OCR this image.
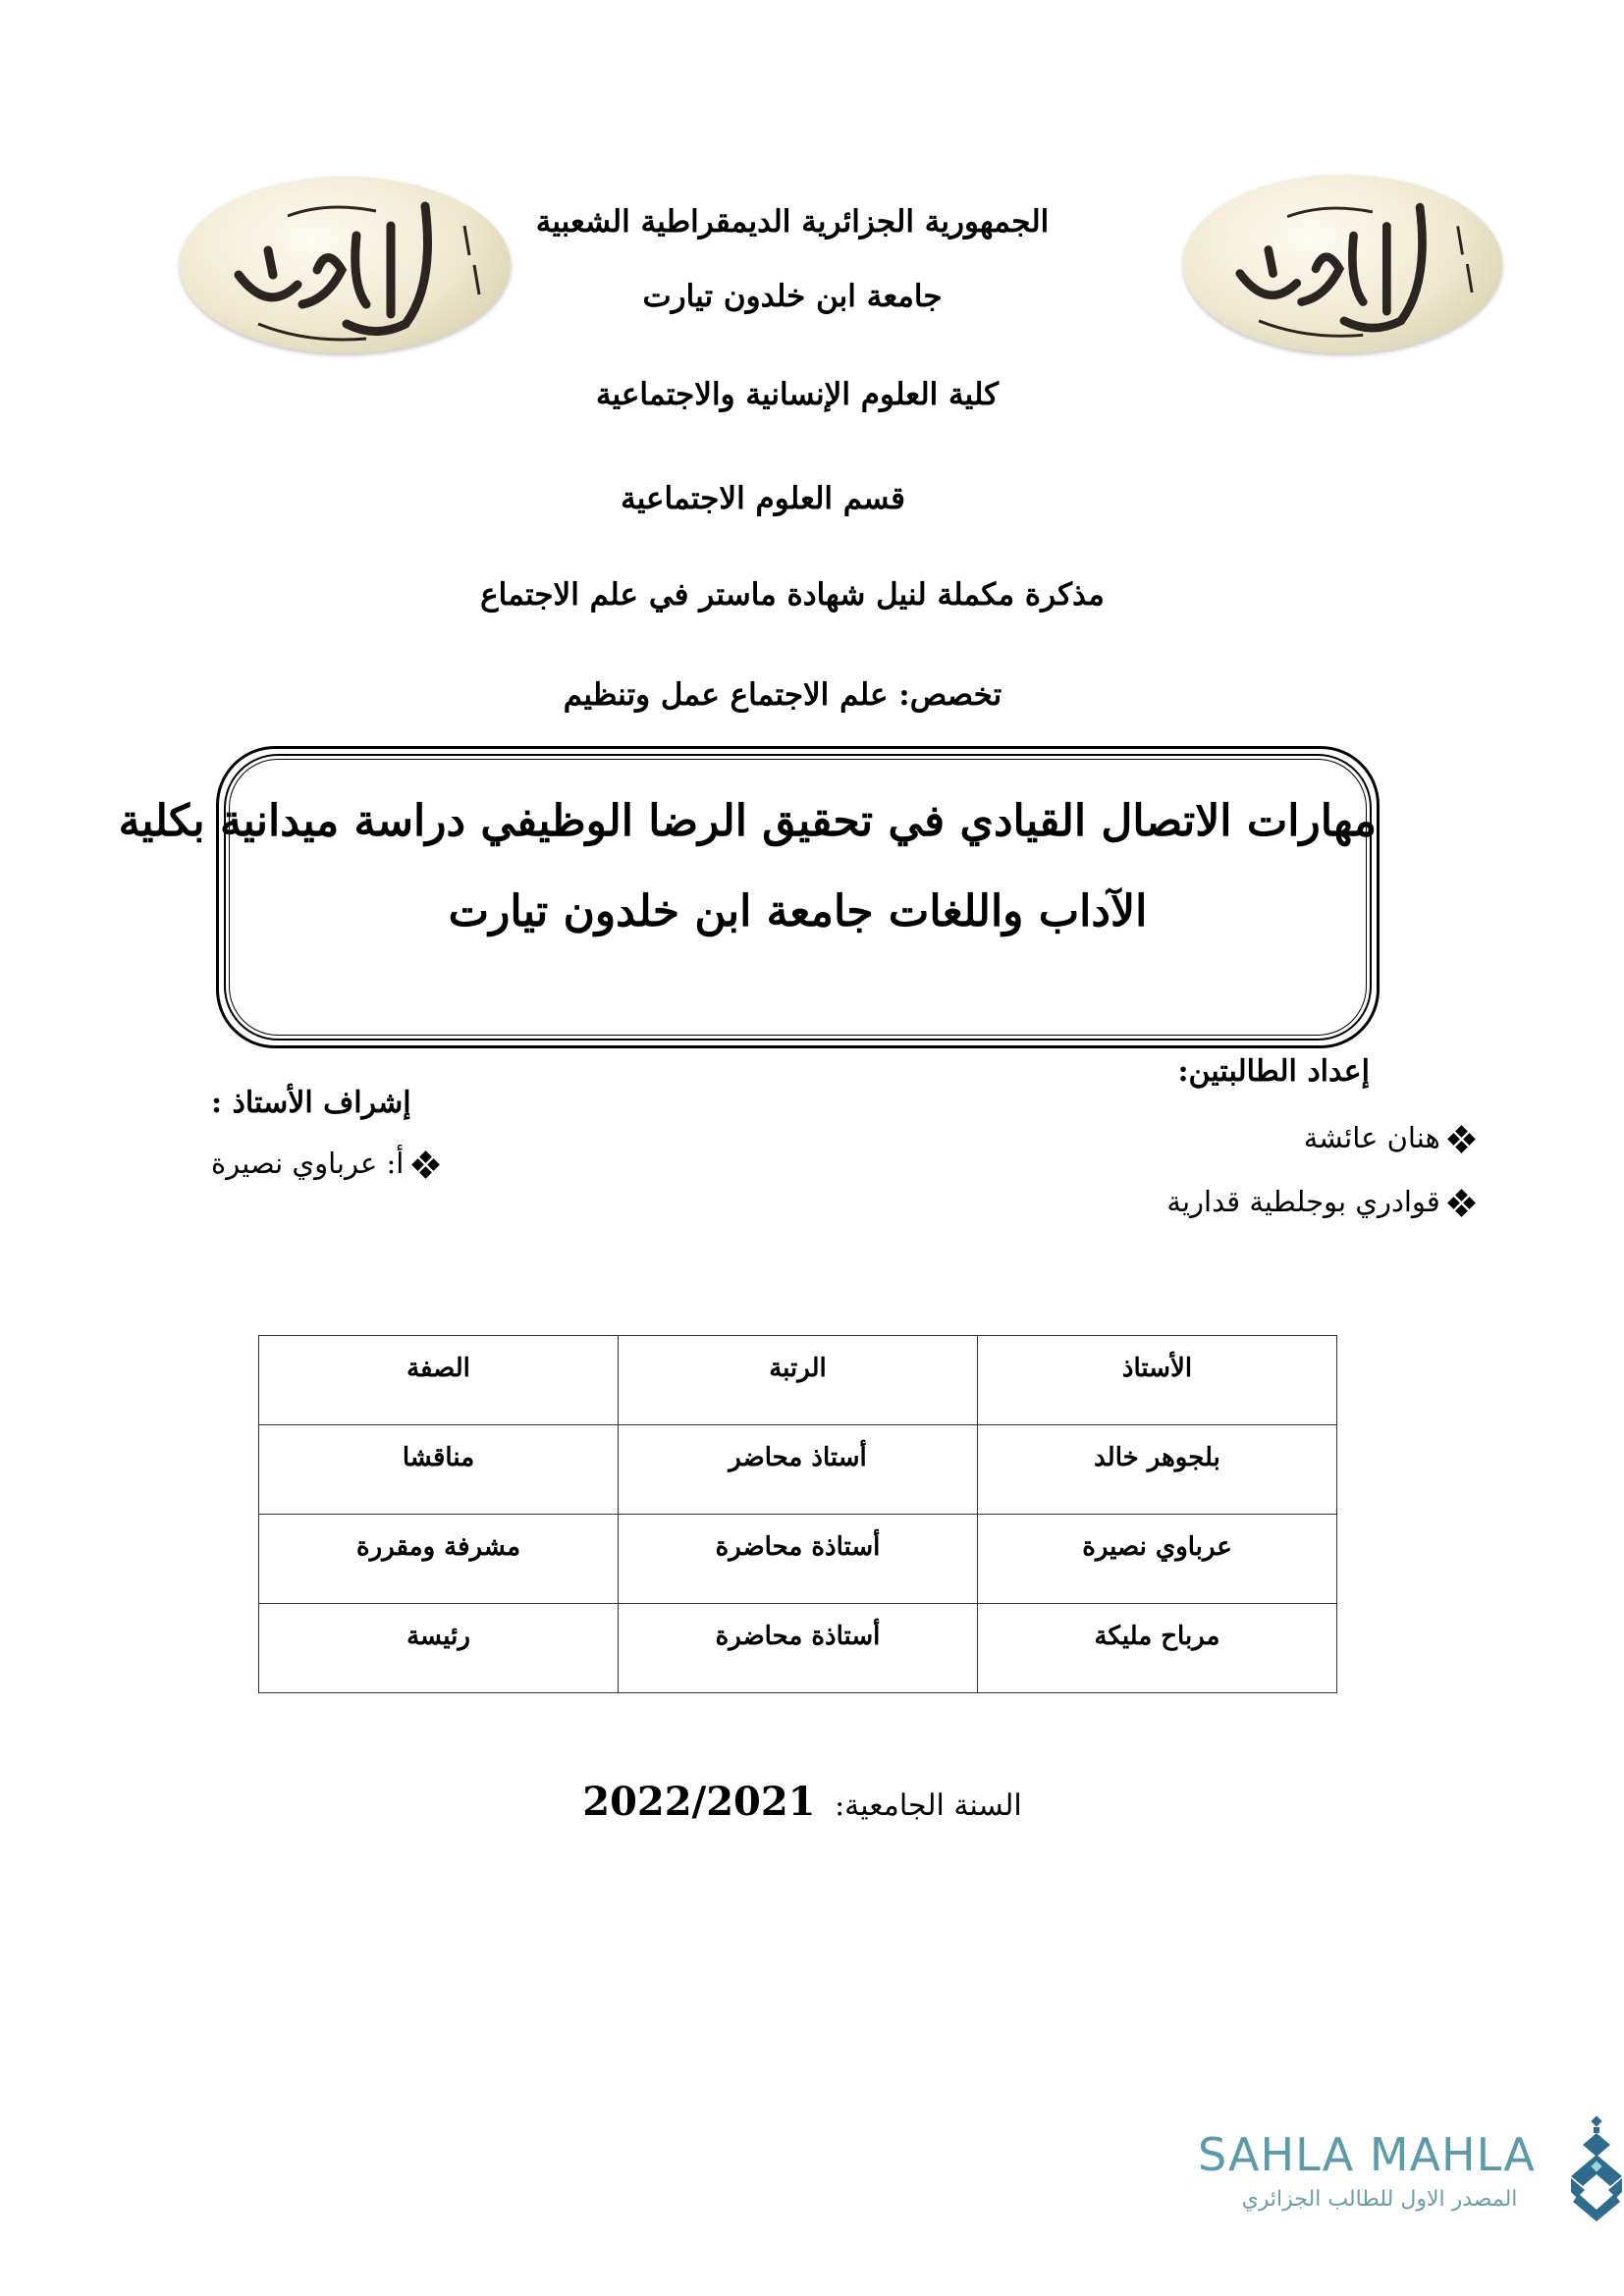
الجمهورية الجزائرية الديمقراطية الشعبية
جامعة ابن خلدون تيارت
كلية العلوم الإنسانية والاجتماعية
قسم العلوم الاجتماعية
مذكرة مكملة لنيل شهادة ماستر في علم الاجتماع
تخصص: علم الاجتماع عمل وتنظيم
مهارات الاتصال القيادي في تحقيق الرضا الوظيفي دراسة ميدانية بكلية
الآداب واللغات جامعة ابن خلدون تيارت
إعداد الطالبتين:
هنان عائشة
قوادري بوجلطية قدارية
إشراف الأستاذ :
أ: عرباوي نصيرة
الأستاذ	الرتبة	الصفة
بلجوهر خالد	أستاذ محاضر	مناقشا
عرباوي نصيرة	أستاذة محاضرة	مشرفة ومقررة
مرباح مليكة	أستاذة محاضرة	رئيسة
السنة الجامعية: 2022/2021
SAHLA MAHLA
المصدر الاول للطالب الجزائري
